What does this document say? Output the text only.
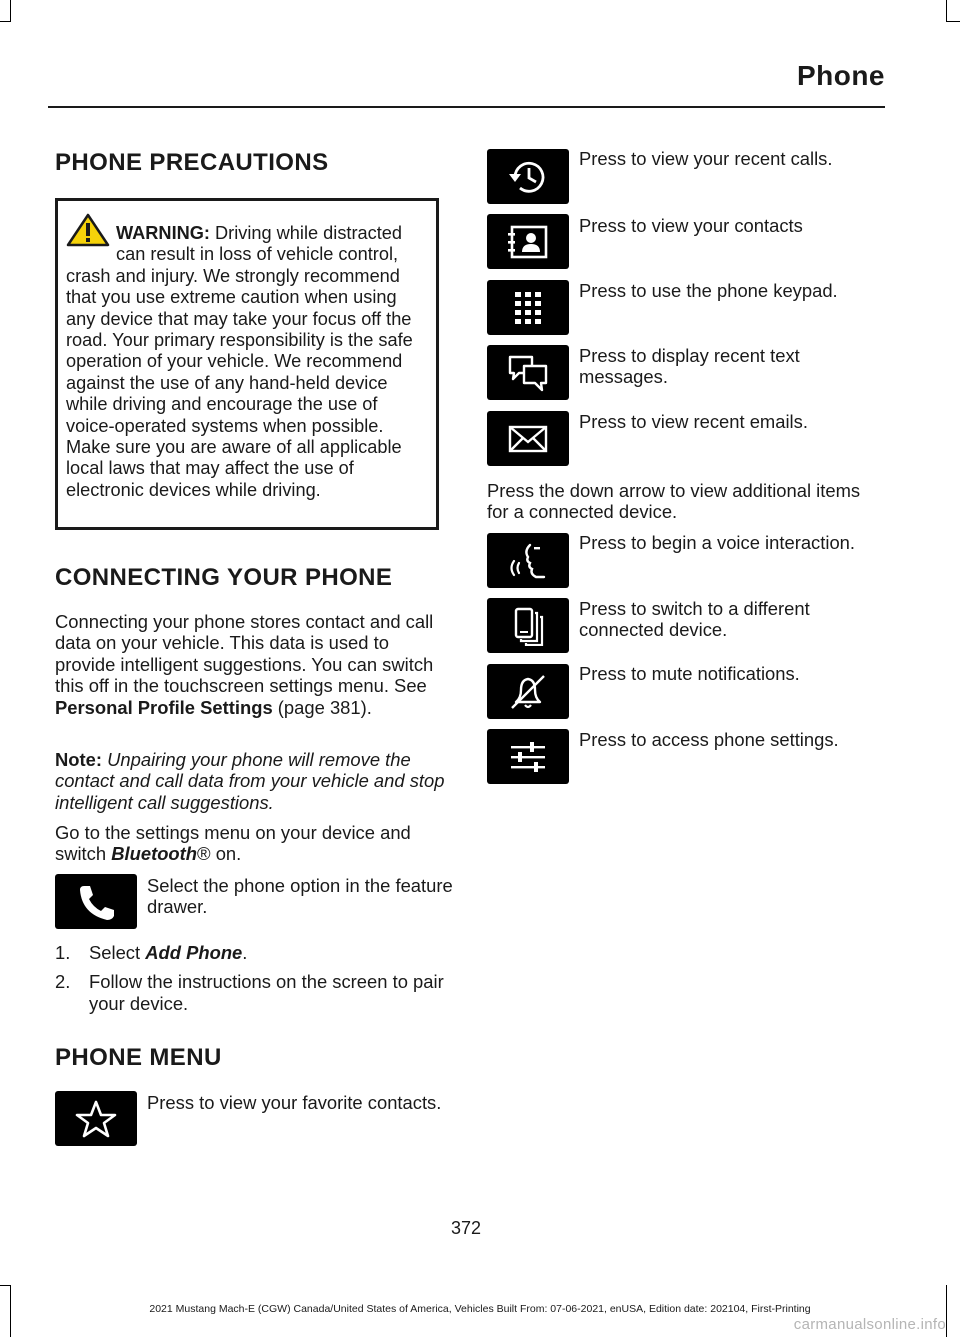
Phone
PHONE PRECAUTIONS

WARNING: Driving while distracted can result in loss of vehicle control, crash and injury. We strongly recommend that you use extreme caution when using any device that may take your focus off the road. Your primary responsibility is the safe operation of your vehicle. We recommend against the use of any hand-held device while driving and encourage the use of voice-operated systems when possible. Make sure you are aware of all applicable local laws that may affect the use of electronic devices while driving.

CONNECTING YOUR PHONE

Connecting your phone stores contact and call data on your vehicle. This data is used to provide intelligent suggestions. You can switch this off in the touchscreen settings menu. See Personal Profile Settings (page 381).

Note: Unpairing your phone will remove the contact and call data from your vehicle and stop intelligent call suggestions.

Go to the settings menu on your device and switch Bluetooth® on.

Select the phone option in the feature drawer.
1. Select Add Phone.
2. Follow the instructions on the screen to pair your device.
PHONE MENU
Press to view your favorite contacts.
Press to view your recent calls.
Press to view your contacts
Press to use the phone keypad.
Press to display recent text messages.
Press to view recent emails.

Press the down arrow to view additional items for a connected device.

Press to begin a voice interaction.
Press to switch to a different connected device.
Press to mute notifications.
Press to access phone settings.
372
2021 Mustang Mach-E (CGW) Canada/United States of America, Vehicles Built From: 07-06-2021, enUSA, Edition date: 202104, First-Printing
carmanualsonline.info
